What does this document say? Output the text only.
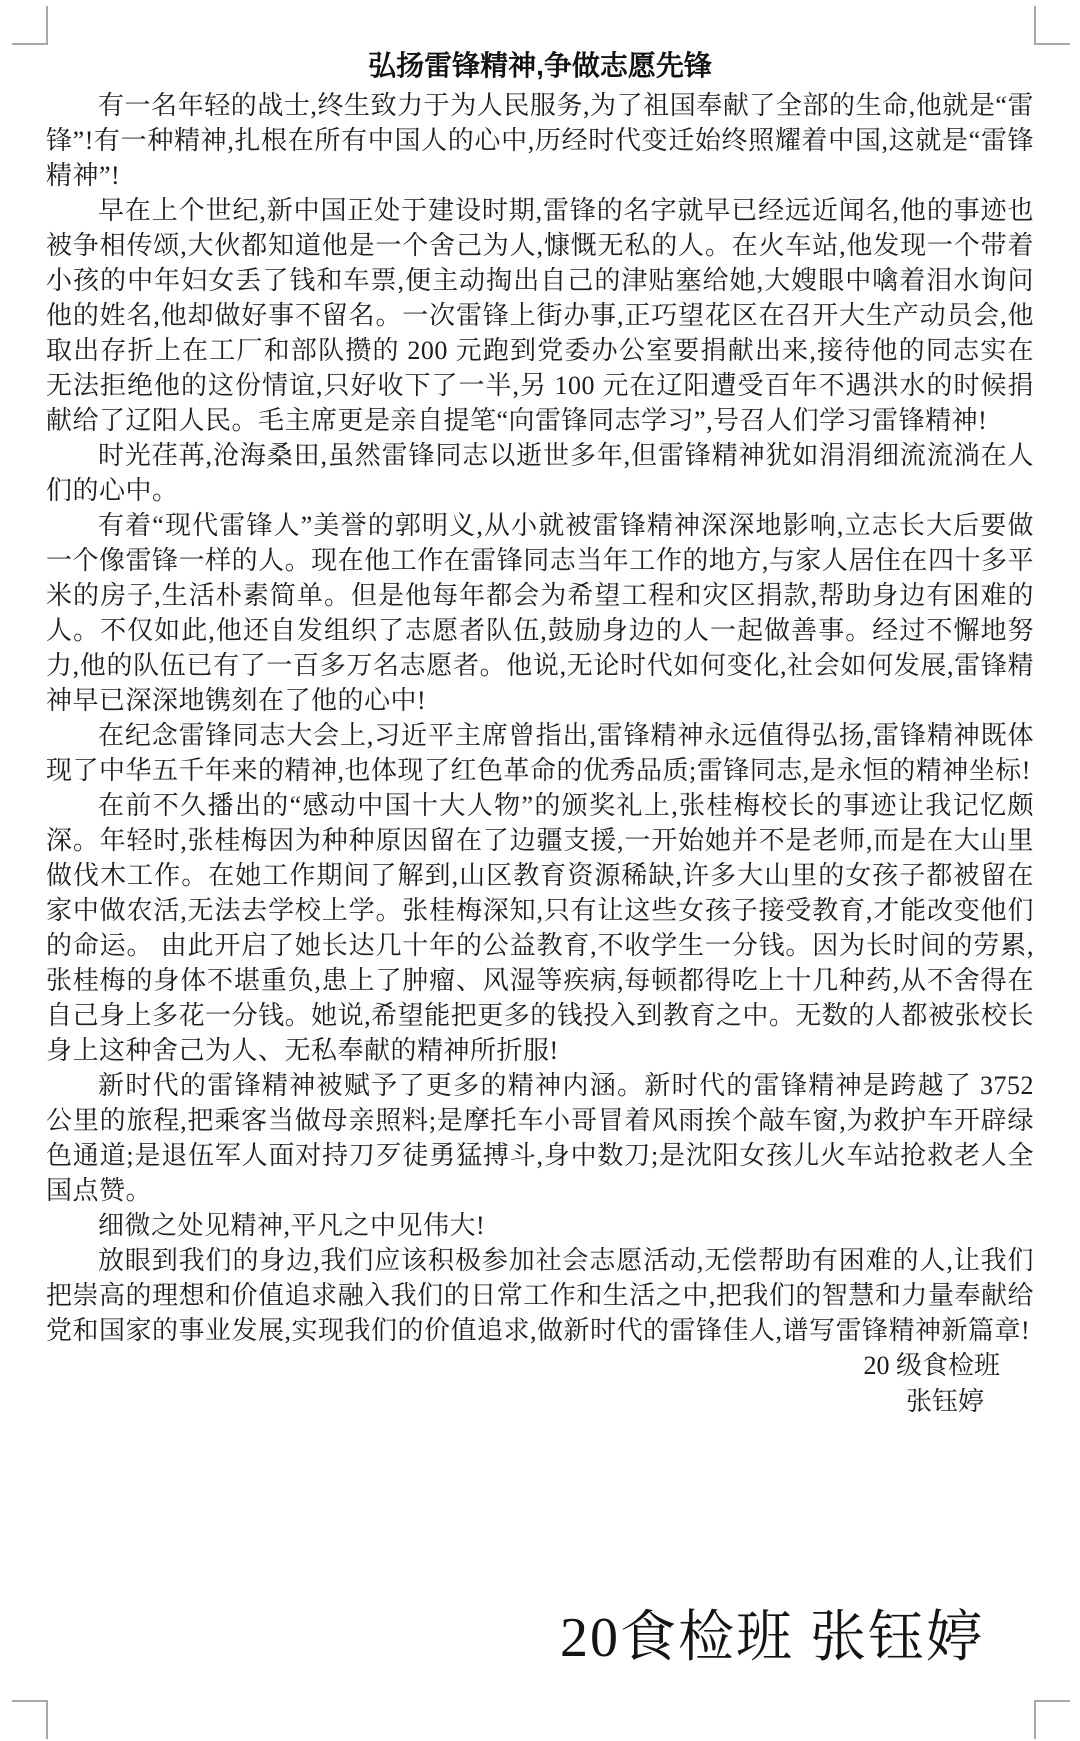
弘扬雷锋精神,争做志愿先锋

有一名年轻的战士,终生致力于为人民服务,为了祖国奉献了全部的生命,他就是“雷锋”!有一种精神,扎根在所有中国人的心中,历经时代变迁始终照耀着中国,这就是“雷锋精神”!

早在上个世纪,新中国正处于建设时期,雷锋的名字就早已经远近闻名,他的事迹也被争相传颂,大伙都知道他是一个舍己为人,慷慨无私的人。在火车站,他发现一个带着小孩的中年妇女丢了钱和车票,便主动掏出自己的津贴塞给她,大嫂眼中噙着泪水询问他的姓名,他却做好事不留名。一次雷锋上街办事,正巧望花区在召开大生产动员会,他取出存折上在工厂和部队攒的 200 元跑到党委办公室要捐献出来,接待他的同志实在无法拒绝他的这份情谊,只好收下了一半,另 100 元在辽阳遭受百年不遇洪水的时候捐献给了辽阳人民。毛主席更是亲自提笔“向雷锋同志学习”,号召人们学习雷锋精神!

时光荏苒,沧海桑田,虽然雷锋同志以逝世多年,但雷锋精神犹如涓涓细流流淌在人们的心中。

有着“现代雷锋人”美誉的郭明义,从小就被雷锋精神深深地影响,立志长大后要做一个像雷锋一样的人。现在他工作在雷锋同志当年工作的地方,与家人居住在四十多平米的房子,生活朴素简单。但是他每年都会为希望工程和灾区捐款,帮助身边有困难的人。不仅如此,他还自发组织了志愿者队伍,鼓励身边的人一起做善事。经过不懈地努力,他的队伍已有了一百多万名志愿者。他说,无论时代如何变化,社会如何发展,雷锋精神早已深深地镌刻在了他的心中!

在纪念雷锋同志大会上,习近平主席曾指出,雷锋精神永远值得弘扬,雷锋精神既体现了中华五千年来的精神,也体现了红色革命的优秀品质;雷锋同志,是永恒的精神坐标!

在前不久播出的“感动中国十大人物”的颁奖礼上,张桂梅校长的事迹让我记忆颇深。年轻时,张桂梅因为种种原因留在了边疆支援,一开始她并不是老师,而是在大山里做伐木工作。在她工作期间了解到,山区教育资源稀缺,许多大山里的女孩子都被留在家中做农活,无法去学校上学。张桂梅深知,只有让这些女孩子接受教育,才能改变他们的命运。 由此开启了她长达几十年的公益教育,不收学生一分钱。因为长时间的劳累,张桂梅的身体不堪重负,患上了肿瘤、风湿等疾病,每顿都得吃上十几种药,从不舍得在自己身上多花一分钱。她说,希望能把更多的钱投入到教育之中。无数的人都被张校长身上这种舍己为人、无私奉献的精神所折服!

新时代的雷锋精神被赋予了更多的精神内涵。新时代的雷锋精神是跨越了 3752 公里的旅程,把乘客当做母亲照料;是摩托车小哥冒着风雨挨个敲车窗,为救护车开辟绿色通道;是退伍军人面对持刀歹徒勇猛搏斗,身中数刀;是沈阳女孩儿火车站抢救老人全国点赞。

细微之处见精神,平凡之中见伟大!

放眼到我们的身边,我们应该积极参加社会志愿活动,无偿帮助有困难的人,让我们把崇高的理想和价值追求融入我们的日常工作和生活之中,把我们的智慧和力量奉献给党和国家的事业发展,实现我们的价值追求,做新时代的雷锋佳人,谱写雷锋精神新篇章!

20 级食检班
张钰婷
20食检班 张钰婷
